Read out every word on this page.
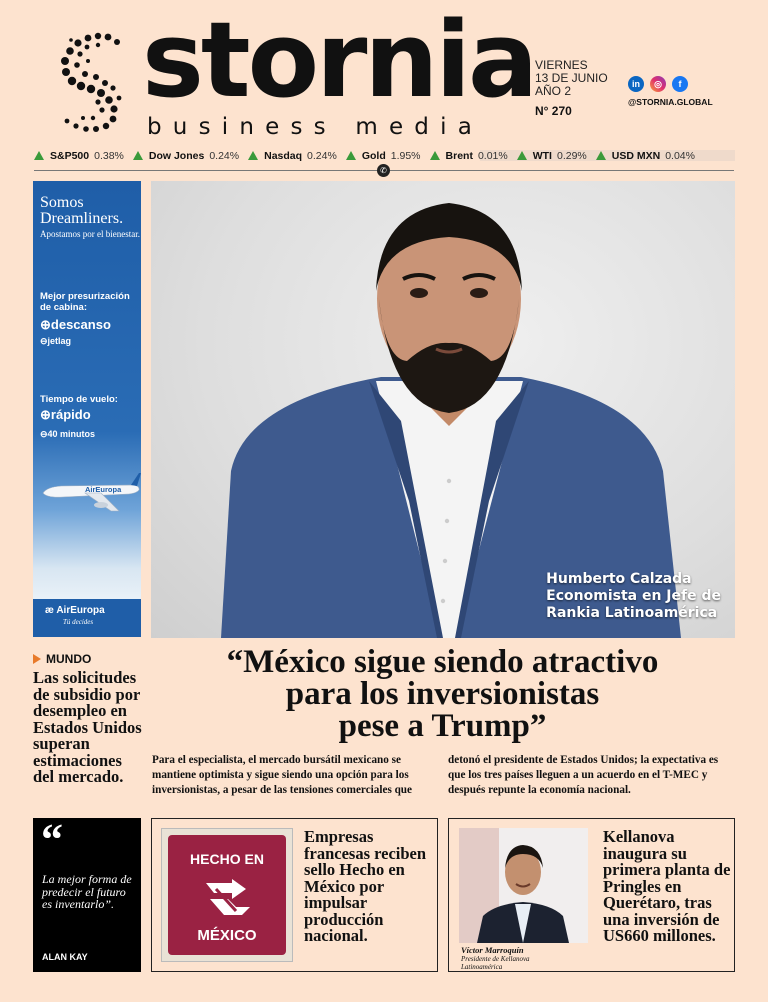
stornia
business media
VIERNES
13 DE JUNIO
AÑO 2
N° 270
in	◎	f
@STORNIA.GLOBAL
S&P500 0.38% Dow Jones 0.24% Nasdaq 0.24% Gold 1.95% Brent 0.01% WTI 0.29% USD MXN 0.04%
✆
Somos Dreamliners.
Apostamos por el bienestar.
Mejor presurización de cabina:
⊕descanso
⊖jetlag
Tiempo de vuelo:
⊕rápido
⊖40 minutos
AirEuropa
æ AirEuropa
Tú decides
Humberto Calzada
Economista en Jefe de
Rankia Latinoamérica
“México sigue siendo atractivo
para los inversionistas
pese a Trump”
Para el especialista, el mercado bursátil mexicano se mantiene optimista y sigue siendo una opción para los inversionistas, a pesar de las tensiones comerciales que
detonó el presidente de Estados Unidos; la expectativa es que los tres países lleguen a un acuerdo en el T-MEC y después repunte la economía nacional.
MUNDO
Las solicitudes de subsidio por desempleo en Estados Unidos superan estimaciones del mercado.
“
La mejor forma de predecir el futuro es inventarlo”.
ALAN KAY
HECHO EN
MÉXICO
Empresas francesas reciben sello Hecho en México por impulsar producción nacional.
Víctor Marroquín
Presidente de Kellanova Latinoamérica
Kellanova inaugura su primera planta de Pringles en Querétaro, tras una inversión de US660 millones.
